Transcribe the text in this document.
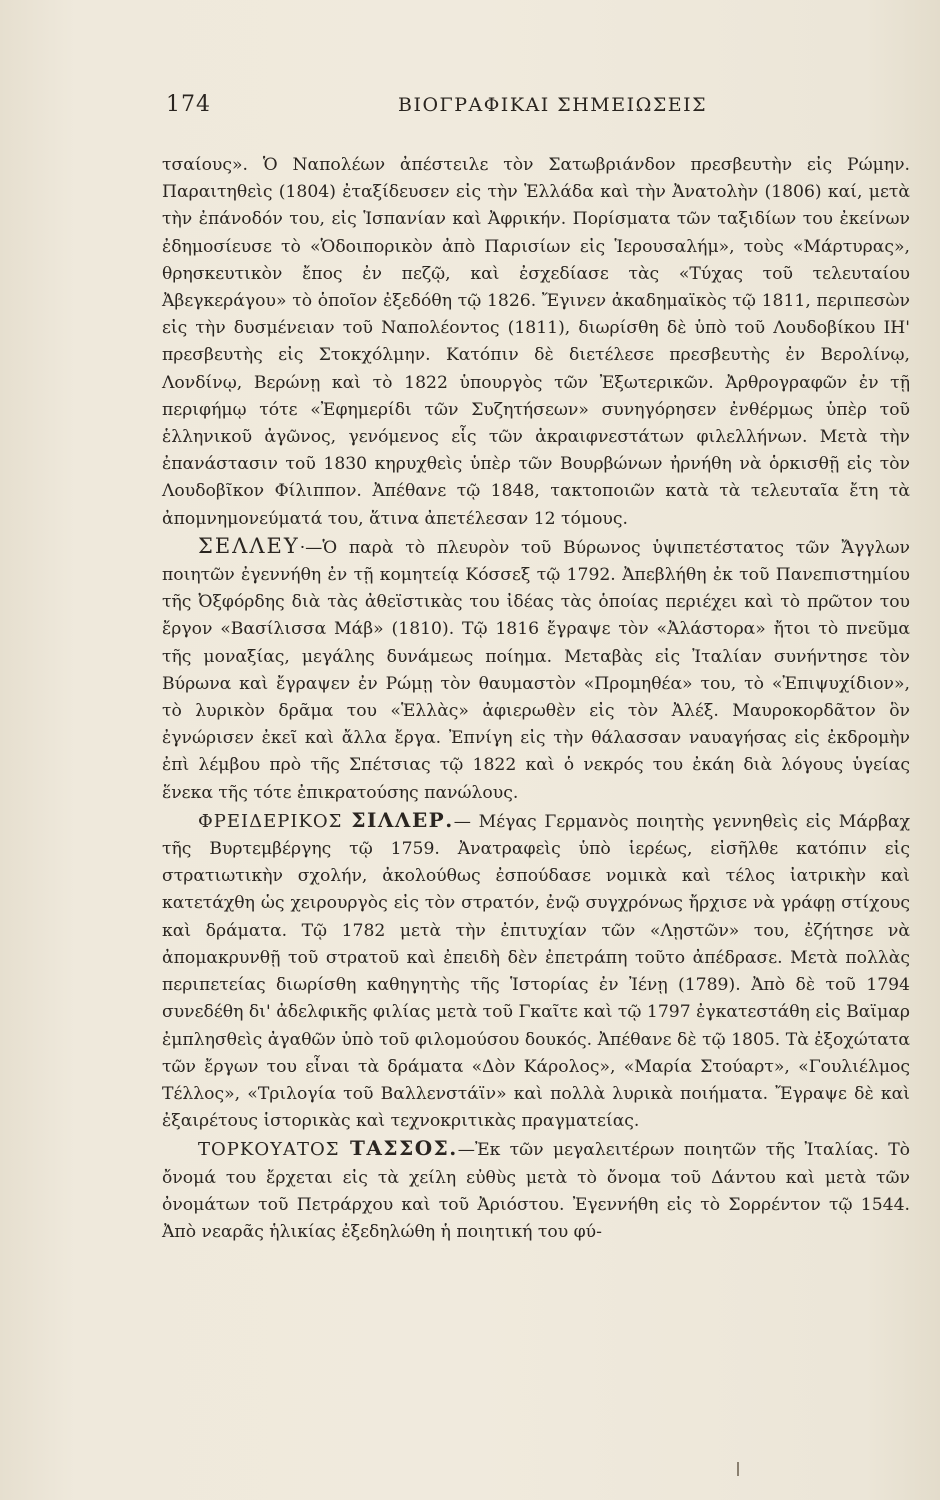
174	ΒΙΟΓΡΑΦΙΚΑΙ ΣΗΜΕΙΩΣΕΙΣ

τσαίους». Ὁ Ναπολέων ἀπέστειλε τὸν Σατωβριάνδον πρεσβευτὴν εἰς Ρώμην. Παραιτηθεὶς (1804) ἐταξίδευσεν εἰς τὴν Ἑλλάδα καὶ τὴν Ἀνατολὴν (1806) καί, μετὰ τὴν ἐπάνοδόν του, εἰς Ἱσπανίαν καὶ Ἀφρικήν. Πορίσματα τῶν ταξιδίων του ἐκείνων ἐδημοσίευσε τὸ «Ὁδοιπορικὸν ἀπὸ Παρισίων εἰς Ἱερουσαλήμ», τοὺς «Μάρτυρας», θρησκευτικὸν ἔπος ἐν πεζῷ, καὶ ἐσχεδίασε τὰς «Τύχας τοῦ τελευταίου Ἀβεγκεράγου» τὸ ὁποῖον ἐξεδόθη τῷ 1826. Ἔγινεν ἀκαδημαϊκὸς τῷ 1811, περιπεσὼν εἰς τὴν δυσμένειαν τοῦ Ναπολέοντος (1811), διωρίσθη δὲ ὑπὸ τοῦ Λουδοβίκου ΙΗ' πρεσβευτὴς εἰς Στοκχόλμην. Κατόπιν δὲ διετέλεσε πρεσβευτὴς ἐν Βερολίνῳ, Λονδίνῳ, Βερώνῃ καὶ τὸ 1822 ὑπουργὸς τῶν Ἐξωτερικῶν. Ἀρθρογραφῶν ἐν τῇ περιφήμῳ τότε «Ἐφημερίδι τῶν Συζητήσεων» συνηγόρησεν ἐνθέρμως ὑπὲρ τοῦ ἑλληνικοῦ ἀγῶνος, γενόμενος εἷς τῶν ἀκραιφνεστάτων φιλελλήνων. Μετὰ τὴν ἐπανάστασιν τοῦ 1830 κηρυχθεὶς ὑπὲρ τῶν Βουρβώνων ἠρνήθη νὰ ὁρκισθῇ εἰς τὸν Λουδοβῖκον Φίλιππον. Ἀπέθανε τῷ 1848, τακτοποιῶν κατὰ τὰ τελευταῖα ἔτη τὰ ἀπομνημονεύματά του, ἅτινα ἀπετέλεσαν 12 τόμους.

ΣΕΛΛΕΥ·—Ὁ παρὰ τὸ πλευρὸν τοῦ Βύρωνος ὑψιπετέστατος τῶν Ἄγγλων ποιητῶν ἐγεννήθη ἐν τῇ κομητείᾳ Κόσσεξ τῷ 1792. Ἀπεβλήθη ἐκ τοῦ Πανεπιστημίου τῆς Ὀξφόρδης διὰ τὰς ἀθεϊστικὰς του ἰδέας τὰς ὁποίας περιέχει καὶ τὸ πρῶτον του ἔργον «Βασίλισσα Μάβ» (1810). Τῷ 1816 ἔγραψε τὸν «Ἀλάστορα» ἤτοι τὸ πνεῦμα τῆς μοναξίας, μεγάλης δυνάμεως ποίημα. Μεταβὰς εἰς Ἰταλίαν συνήντησε τὸν Βύρωνα καὶ ἔγραψεν ἐν Ρώμῃ τὸν θαυμαστὸν «Προμηθέα» του, τὸ «Ἐπιψυχίδιον», τὸ λυρικὸν δρᾶμα του «Ἑλλὰς» ἀφιερωθὲν εἰς τὸν Ἀλέξ. Μαυροκορδᾶτον ὃν ἐγνώρισεν ἐκεῖ καὶ ἄλλα ἔργα. Ἐπνίγη εἰς τὴν θάλασσαν ναυαγήσας εἰς ἐκδρομὴν ἐπὶ λέμβου πρὸ τῆς Σπέτσιας τῷ 1822 καὶ ὁ νεκρός του ἐκάη διὰ λόγους ὑγείας ἕνεκα τῆς τότε ἐπικρατούσης πανώλους.

ΦΡΕΙΔΕΡΙΚΟΣ ΣΙΛΛΕΡ.— Μέγας Γερμανὸς ποιητὴς γεννηθεὶς εἰς Μάρβαχ τῆς Βυρτεμβέργης τῷ 1759. Ἀνατραφεὶς ὑπὸ ἱερέως, εἰσῆλθε κατόπιν εἰς στρατιωτικὴν σχολήν, ἀκολούθως ἐσπούδασε νομικὰ καὶ τέλος ἰατρικὴν καὶ κατετάχθη ὡς χειρουργὸς εἰς τὸν στρατόν, ἐνῷ συγχρόνως ἤρχισε νὰ γράφῃ στίχους καὶ δράματα. Τῷ 1782 μετὰ τὴν ἐπιτυχίαν τῶν «Λῃστῶν» του, ἐζήτησε νὰ ἀπομακρυνθῇ τοῦ στρατοῦ καὶ ἐπειδὴ δὲν ἐπετράπη τοῦτο ἀπέδρασε. Μετὰ πολλὰς περιπετείας διωρίσθη καθηγητὴς τῆς Ἱστορίας ἐν Ἰένῃ (1789). Ἀπὸ δὲ τοῦ 1794 συνεδέθη δι' ἀδελφικῆς φιλίας μετὰ τοῦ Γκαῖτε καὶ τῷ 1797 ἐγκατεστάθη εἰς Βαϊμαρ ἐμπλησθεὶς ἀγαθῶν ὑπὸ τοῦ φιλομούσου δουκός. Ἀπέθανε δὲ τῷ 1805. Τὰ ἐξοχώτατα τῶν ἔργων του εἶναι τὰ δράματα «Δὸν Κάρολος», «Μαρία Στούαρτ», «Γουλιέλμος Τέλλος», «Τριλογία τοῦ Βαλλενστάϊν» καὶ πολλὰ λυρικὰ ποιήματα. Ἔγραψε δὲ καὶ ἐξαιρέτους ἱστορικὰς καὶ τεχνοκριτικὰς πραγματείας.

ΤΟΡΚΟΥΑΤΟΣ ΤΑΣΣΟΣ.—Ἐκ τῶν μεγαλειτέρων ποιητῶν τῆς Ἰταλίας. Τὸ ὄνομά του ἔρχεται εἰς τὰ χείλη εὐθὺς μετὰ τὸ ὄνομα τοῦ Δάντου καὶ μετὰ τῶν ὀνομάτων τοῦ Πετράρχου καὶ τοῦ Ἀριόστου. Ἐγεννήθη εἰς τὸ Σορρέντον τῷ 1544. Ἀπὸ νεαρᾶς ἡλικίας ἐξεδηλώθη ἡ ποιητική του φύ-
